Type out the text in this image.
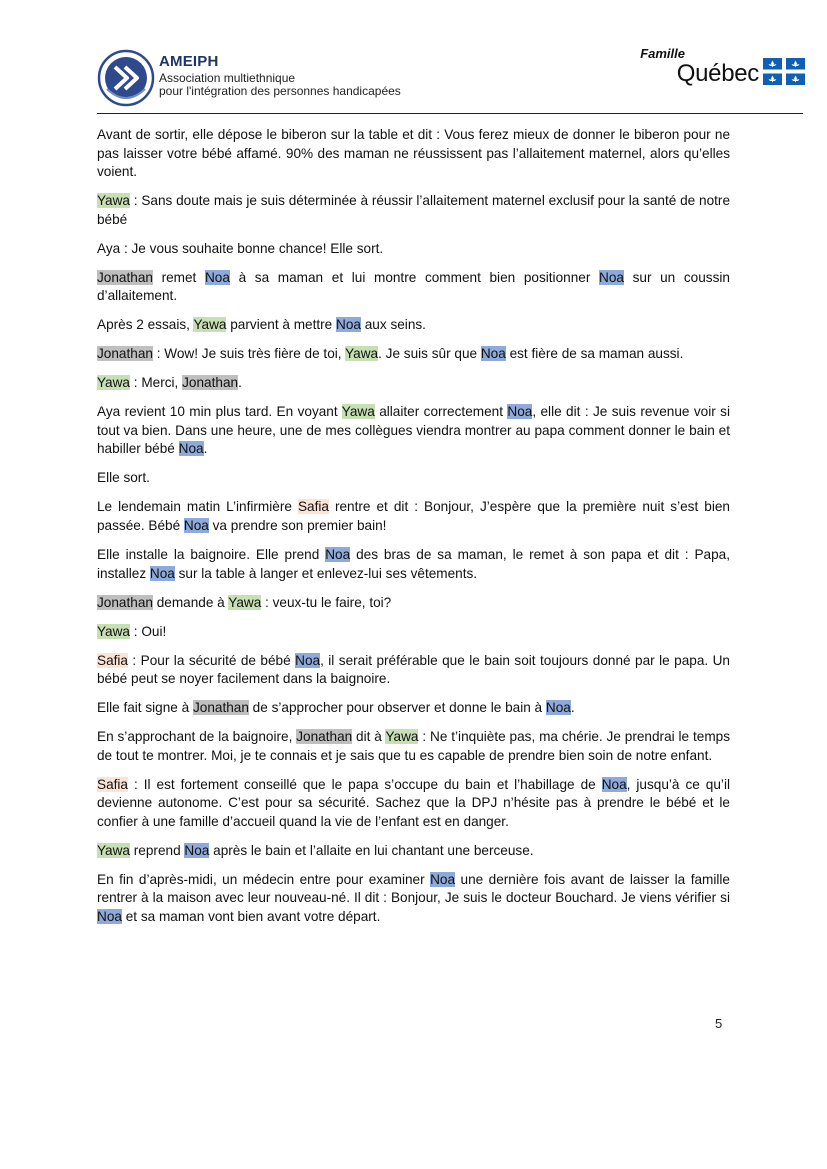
AMEIPH
Association multiethnique
pour l'intégration des personnes handicapées
Famille
Québec

Avant de sortir, elle dépose le biberon sur la table et dit : Vous ferez mieux de donner le biberon pour ne pas laisser votre bébé affamé. 90% des maman ne réussissent pas l’allaitement maternel, alors qu’elles voient.

Yawa : Sans doute mais je suis déterminée à réussir l’allaitement maternel exclusif pour la santé de notre bébé

Aya : Je vous souhaite bonne chance! Elle sort.

Jonathan remet Noa à sa maman et lui montre comment bien positionner Noa sur un coussin d’allaitement.

Après 2 essais, Yawa parvient à mettre Noa aux seins.

Jonathan : Wow! Je suis très fière de toi, Yawa. Je suis sûr que Noa est fière de sa maman aussi.

Yawa : Merci, Jonathan.

Aya revient 10 min plus tard. En voyant Yawa allaiter correctement Noa, elle dit : Je suis revenue voir si tout va bien. Dans une heure, une de mes collègues viendra montrer au papa comment donner le bain et habiller bébé Noa.

Elle sort.

Le lendemain matin L’infirmière Safia rentre et dit : Bonjour, J’espère que la première nuit s’est bien passée. Bébé Noa va prendre son premier bain!

Elle installe la baignoire. Elle prend Noa des bras de sa maman, le remet à son papa et dit : Papa, installez Noa sur la table à langer et enlevez-lui ses vêtements.

Jonathan demande à Yawa : veux-tu le faire, toi?

Yawa : Oui!

Safia : Pour la sécurité de bébé Noa, il serait préférable que le bain soit toujours donné par le papa. Un bébé peut se noyer facilement dans la baignoire.

Elle fait signe à Jonathan de s’approcher pour observer et donne le bain à Noa.

En s’approchant de la baignoire, Jonathan dit à Yawa : Ne t’inquiète pas, ma chérie. Je prendrai le temps de tout te montrer. Moi, je te connais et je sais que tu es capable de prendre bien soin de notre enfant.

Safia : Il est fortement conseillé que le papa s’occupe du bain et l’habillage de Noa, jusqu’à ce qu’il devienne autonome. C’est pour sa sécurité. Sachez que la DPJ n’hésite pas à prendre le bébé et le confier à une famille d’accueil quand la vie de l’enfant est en danger.

Yawa reprend Noa après le bain et l’allaite en lui chantant une berceuse.

En fin d’après-midi, un médecin entre pour examiner Noa une dernière fois avant de laisser la famille rentrer à la maison avec leur nouveau-né. Il dit : Bonjour, Je suis le docteur Bouchard. Je viens vérifier si Noa et sa maman vont bien avant votre départ.

5
